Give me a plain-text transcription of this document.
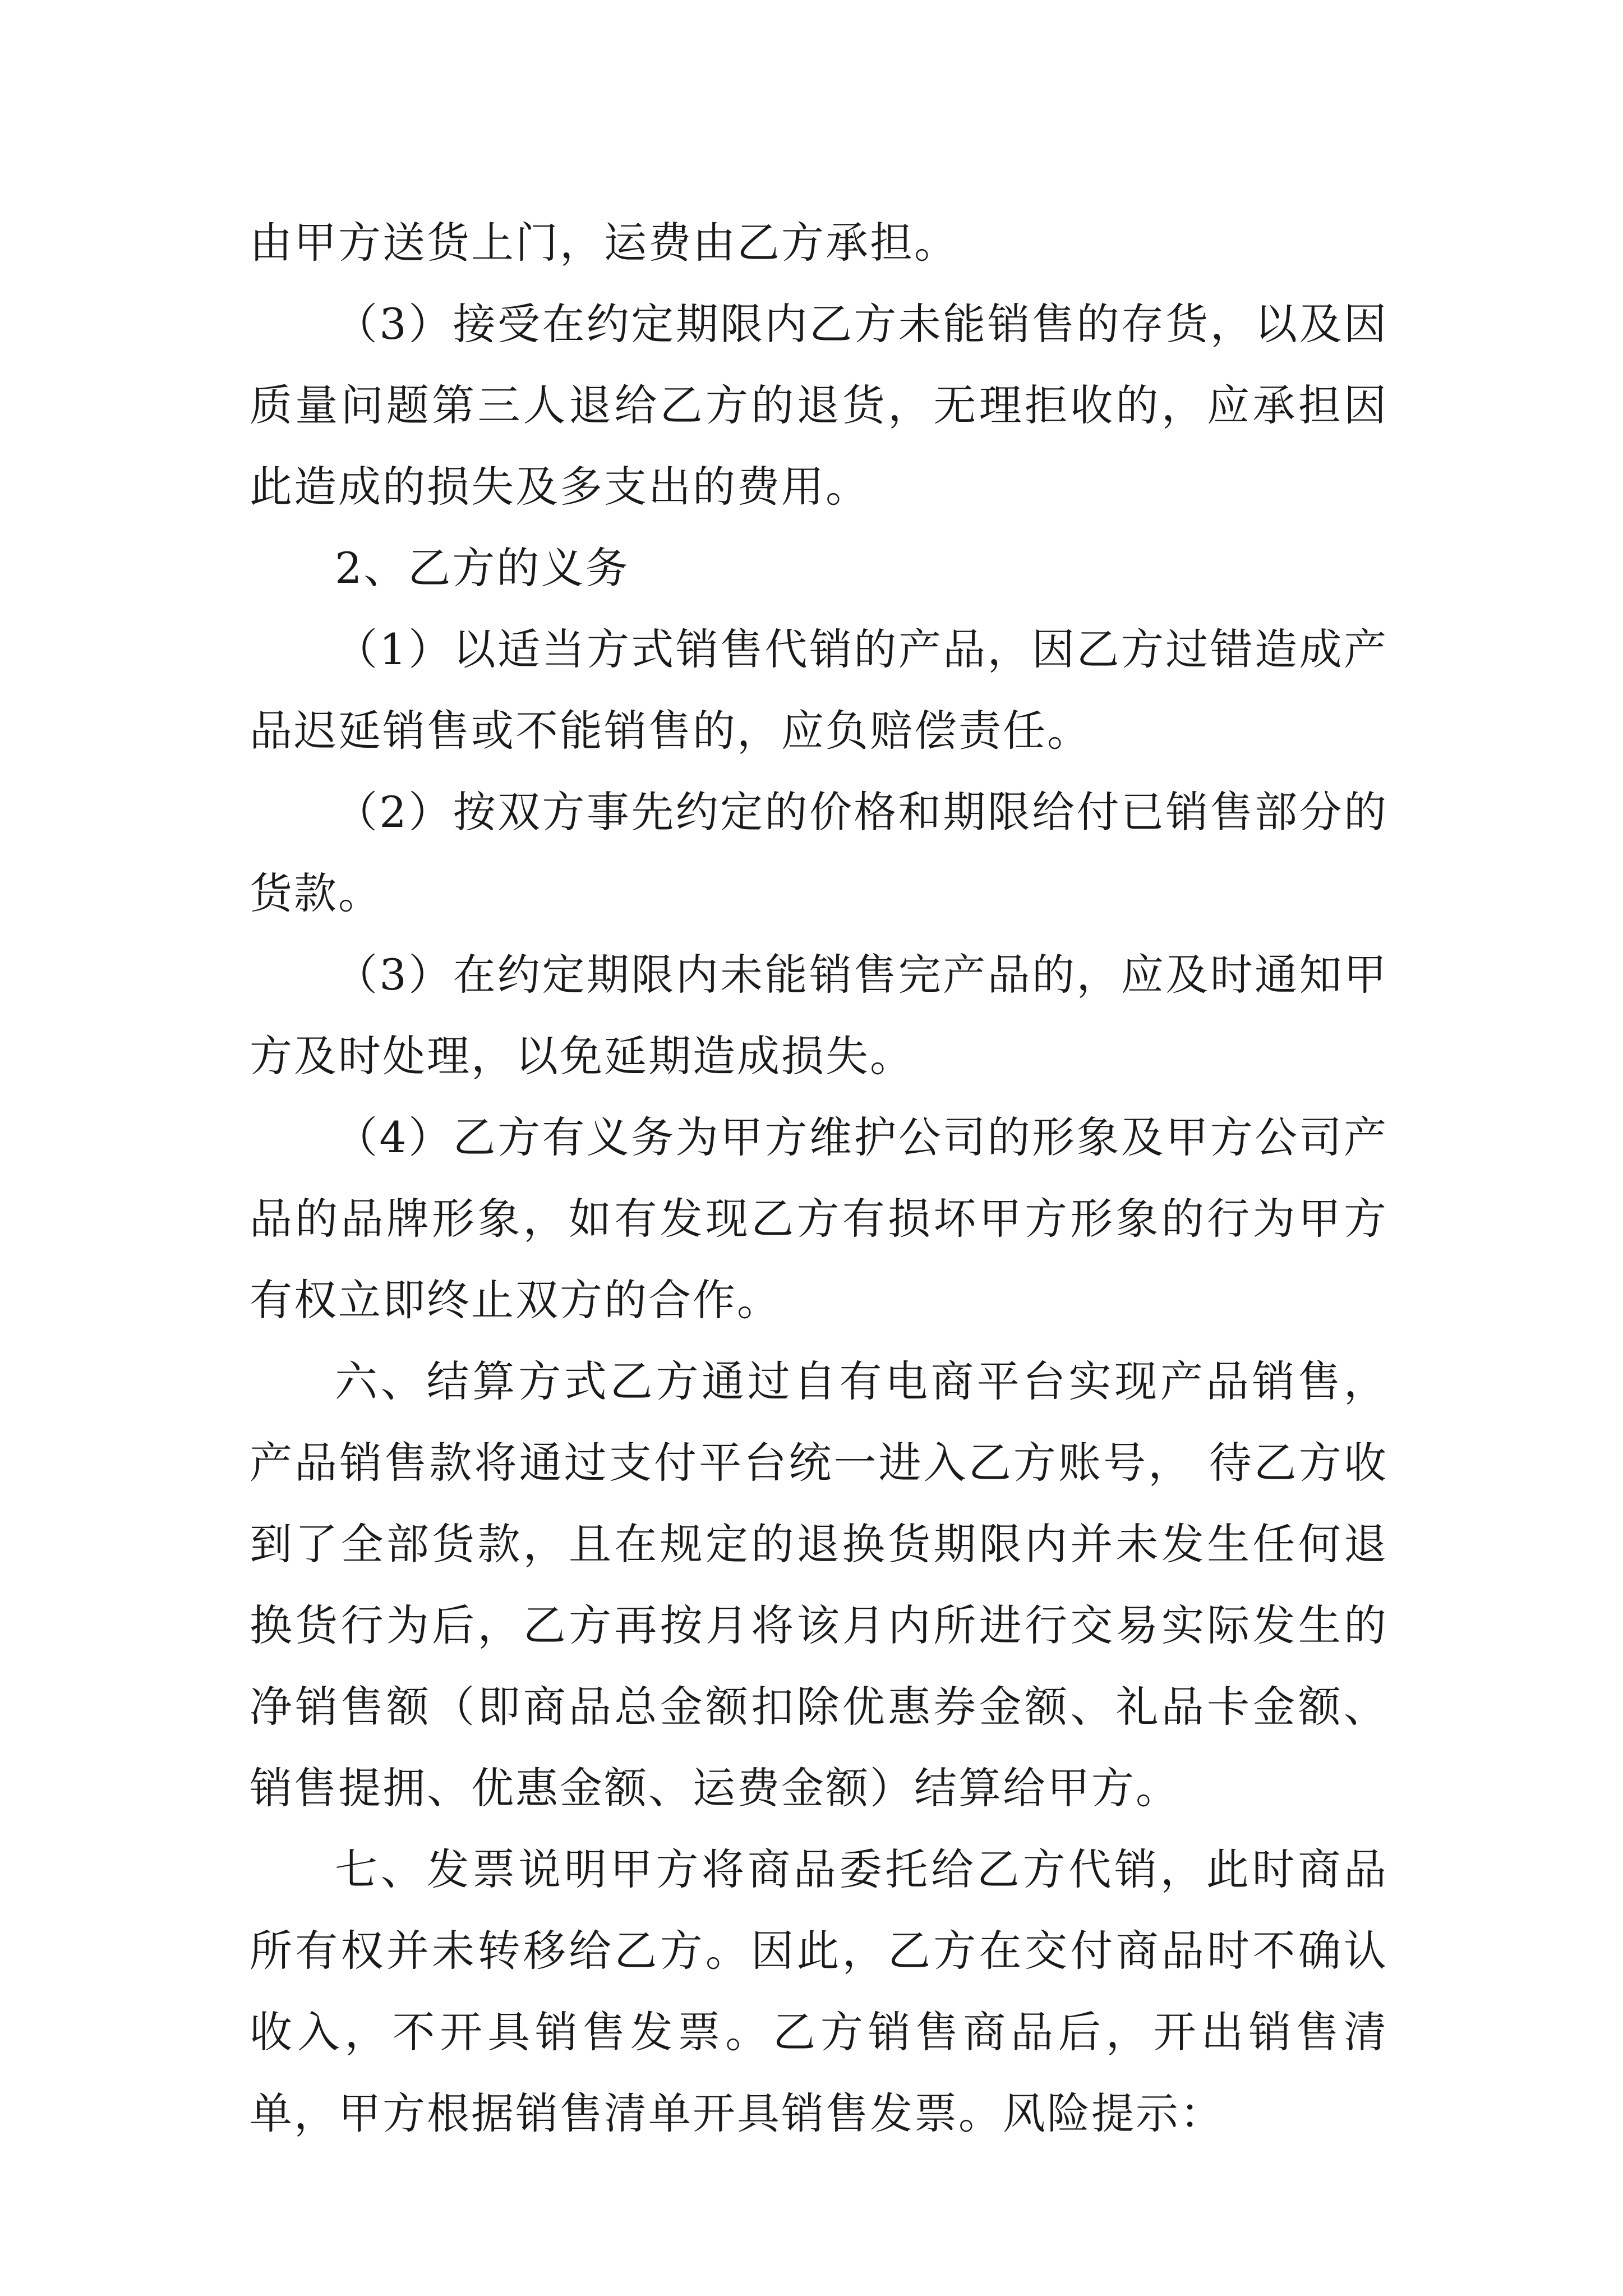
由甲方送货上门，运费由乙方承担。

（3）接受在约定期限内乙方未能销售的存货，以及因质量问题第三人退给乙方的退货，无理拒收的，应承担因此造成的损失及多支出的费用。

2、乙方的义务

（1）以适当方式销售代销的产品，因乙方过错造成产品迟延销售或不能销售的，应负赔偿责任。

（2）按双方事先约定的价格和期限给付已销售部分的货款。

（3）在约定期限内未能销售完产品的，应及时通知甲方及时处理，以免延期造成损失。

（4）乙方有义务为甲方维护公司的形象及甲方公司产品的品牌形象，如有发现乙方有损坏甲方形象的行为甲方有权立即终止双方的合作。

六、结算方式乙方通过自有电商平台实现产品销售，产品销售款将通过支付平台统一进入乙方账号， 待乙方收到了全部货款，且在规定的退换货期限内并未发生任何退换货行为后，乙方再按月将该月内所进行交易实际发生的净销售额（即商品总金额扣除优惠券金额、礼品卡金额、销售提拥、优惠金额、运费金额）结算给甲方。

七、发票说明甲方将商品委托给乙方代销，此时商品所有权并未转移给乙方。因此，乙方在交付商品时不确认收入，不开具销售发票。乙方销售商品后，开出销售清单，甲方根据销售清单开具销售发票。风险提示：
